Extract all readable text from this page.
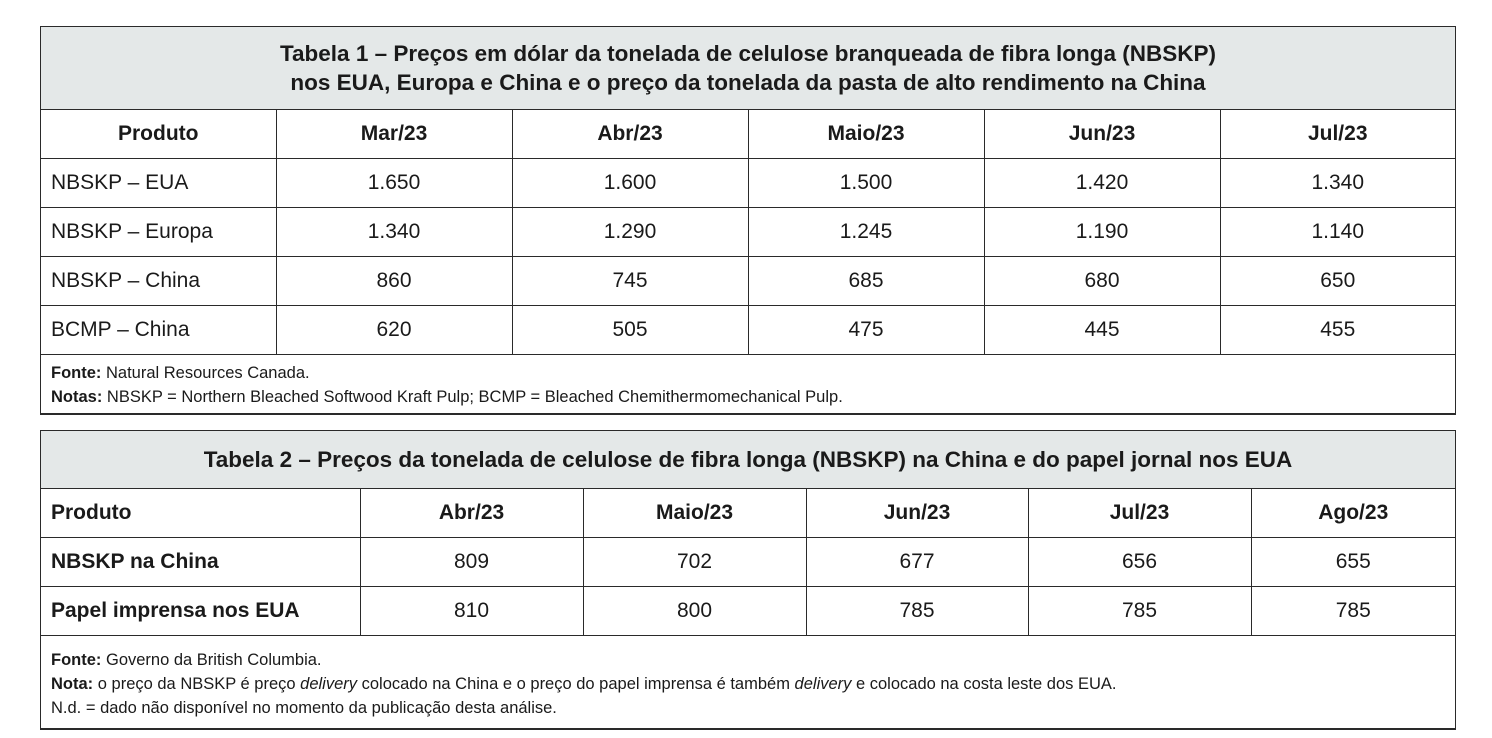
Tabela 1 – Preços em dólar da tonelada de celulose branqueada de fibra longa (NBSKP)
nos EUA, Europa e China e o preço da tonelada da pasta de alto rendimento na China					

Produto	Mar/23	Abr/23	Maio/23	Jun/23	Jul/23
NBSKP – EUA	1.650	1.600	1.500	1.420	1.340
NBSKP – Europa	1.340	1.290	1.245	1.190	1.140
NBSKP – China	860	745	685	680	650
BCMP – China	620	505	475	445	455

Fonte: Natural Resources Canada.
Notas: NBSKP = Northern Bleached Softwood Kraft Pulp; BCMP = Bleached Chemithermomechanical Pulp.					
Tabela 2 – Preços da tonelada de celulose de fibra longa (NBSKP) na China e do papel jornal nos EUA					
Produto	Abr/23	Maio/23	Jun/23	Jul/23	Ago/23
NBSKP na China	809	702	677	656	655
Papel imprensa nos EUA	810	800	785	785	785

Fonte: Governo da British Columbia.
Nota: o preço da NBSKP é preço delivery colocado na China e o preço do papel imprensa é também delivery e colocado na costa leste dos EUA.
N.d. = dado não disponível no momento da publicação desta análise.					
